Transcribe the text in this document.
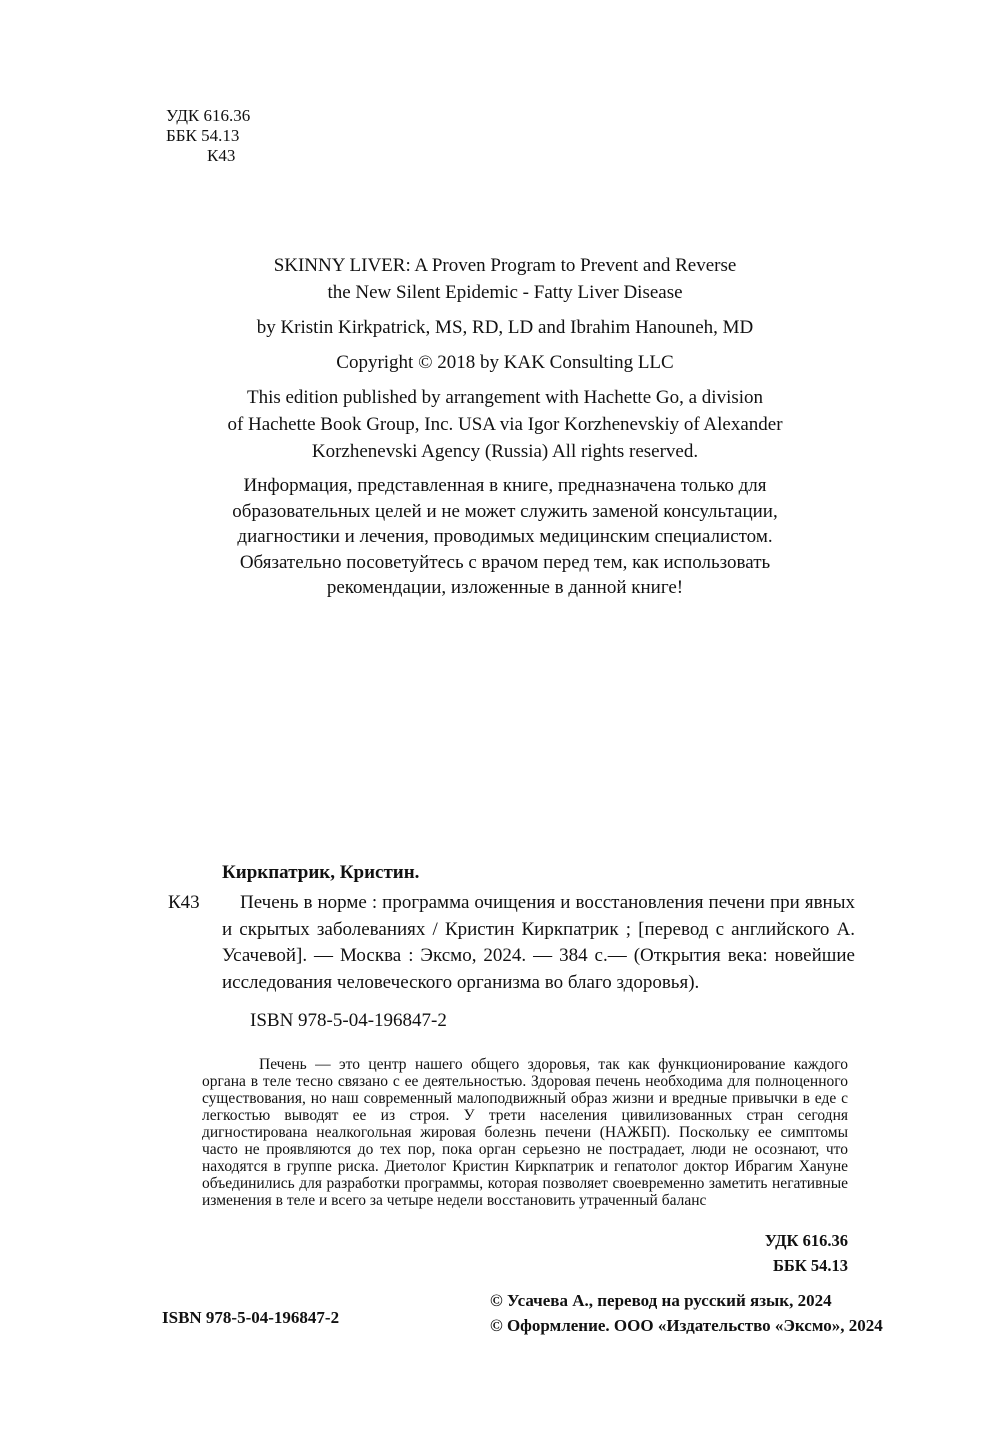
УДК 616.36
ББК 54.13
К43
SKINNY LIVER: A Proven Program to Prevent and Reverse
the New Silent Epidemic - Fatty Liver Disease
by Kristin Kirkpatrick, MS, RD, LD and Ibrahim Hanouneh, MD
Copyright © 2018 by KAK Consulting LLC
This edition published by arrangement with Hachette Go, a division
of Hachette Book Group, Inc. USA via Igor Korzhenevskiy of Alexander
Korzhenevski Agency (Russia) All rights reserved.
Информация, представленная в книге, предназначена только для
образовательных целей и не может служить заменой консультации,
диагностики и лечения, проводимых медицинским специалистом.
Обязательно посоветуйтесь с врачом перед тем, как использовать
рекомендации, изложенные в данной книге!
Киркпатрик, Кристин.
К43 Печень в норме : программа очищения и восстановления печени при явных и скрытых заболеваниях / Кристин Киркпатрик ; [перевод с английского А. Усачевой]. — Москва : Эксмо, 2024. — 384 с.— (Открытия века: новейшие исследования человеческого организма во благо здоровья).
ISBN 978-5-04-196847-2
Печень — это центр нашего общего здоровья, так как функционирование каждого органа в теле тесно связано с ее деятельностью. Здоровая печень необходима для полноценного существования, но наш современный малоподвижный образ жизни и вредные привычки в еде с легкостью выводят ее из строя. У трети населения цивилизованных стран сегодня дигностирована неалкогольная жировая болезнь печени (НАЖБП). Поскольку ее симптомы часто не проявляются до тех пор, пока орган серьезно не пострадает, люди не осознают, что находятся в группе риска. Диетолог Кристин Киркпатрик и гепатолог доктор Ибрагим Хануне объединились для разработки программы, которая позволяет своевременно заметить негативные изменения в теле и всего за четыре недели восстановить утраченный баланс
УДК 616.36
ББК 54.13
ISBN 978-5-04-196847-2
© Усачева А., перевод на русский язык, 2024
© Оформление. ООО «Издательство «Эксмо», 2024
